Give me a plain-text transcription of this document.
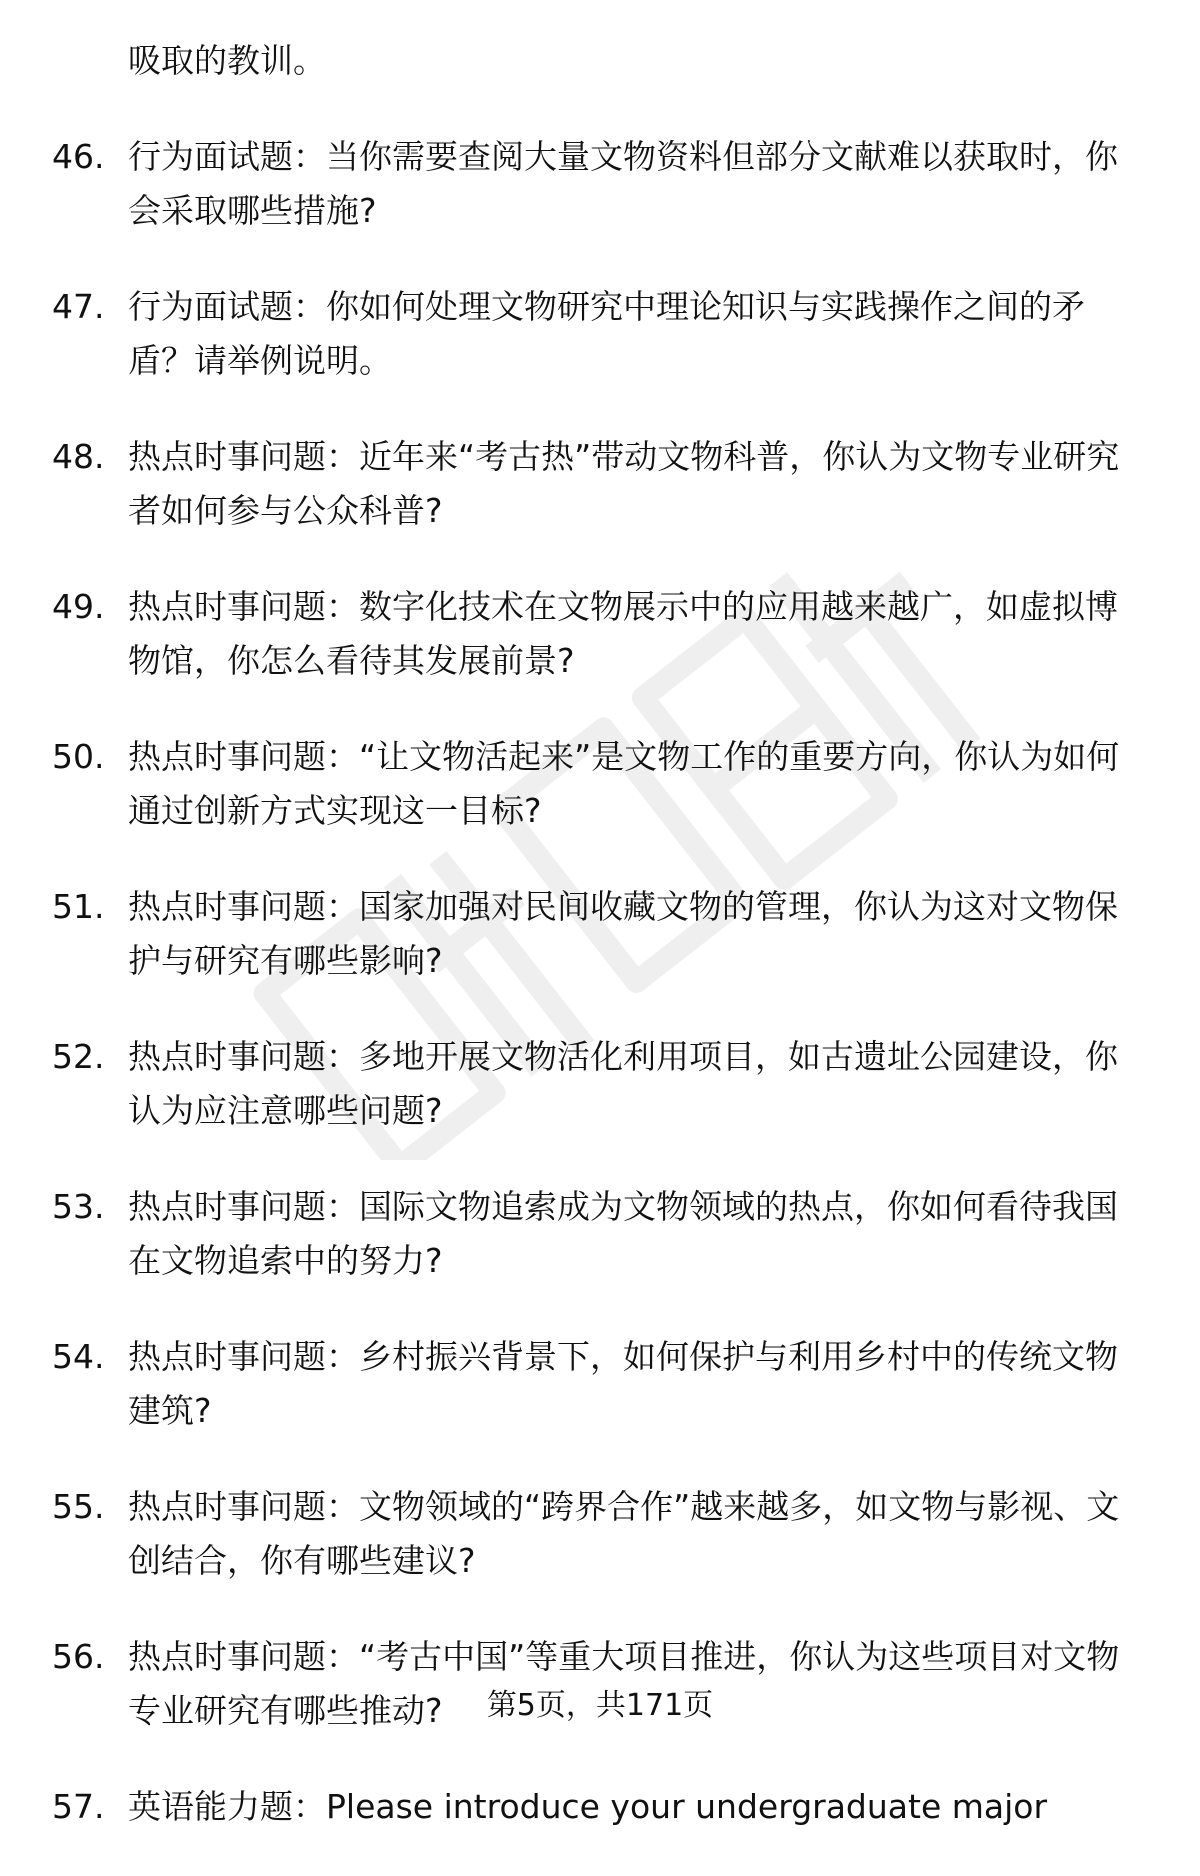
吸取的教训。
46. 行为面试题：当你需要查阅大量文物资料但部分文献难以获取时，你会采取哪些措施?
47. 行为面试题：你如何处理文物研究中理论知识与实践操作之间的矛盾？请举例说明。
48. 热点时事问题：近年来“考古热”带动文物科普，你认为文物专业研究者如何参与公众科普?
49. 热点时事问题：数字化技术在文物展示中的应用越来越广，如虚拟博物馆，你怎么看待其发展前景?
50. 热点时事问题：“让文物活起来”是文物工作的重要方向，你认为如何通过创新方式实现这一目标?
51. 热点时事问题：国家加强对民间收藏文物的管理，你认为这对文物保护与研究有哪些影响?
52. 热点时事问题：多地开展文物活化利用项目，如古遗址公园建设，你认为应注意哪些问题?
53. 热点时事问题：国际文物追索成为文物领域的热点，你如何看待我国在文物追索中的努力?
54. 热点时事问题：乡村振兴背景下，如何保护与利用乡村中的传统文物建筑?
55. 热点时事问题：文物领域的“跨界合作”越来越多，如文物与影视、文创结合，你有哪些建议?
56. 热点时事问题：“考古中国”等重大项目推进，你认为这些项目对文物专业研究有哪些推动?
57. 英语能力题：Please introduce your undergraduate major
第5页，共171页
